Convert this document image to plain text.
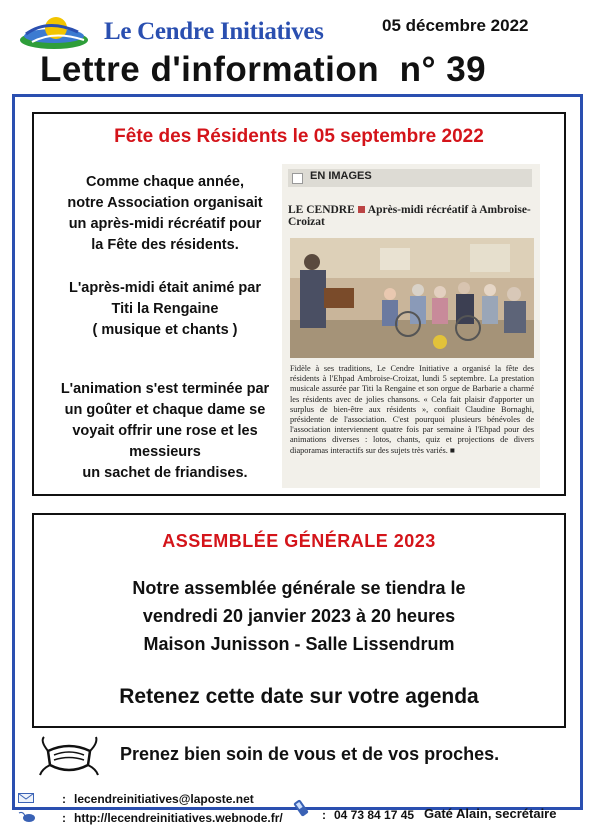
Le Cendre Initiatives	05 décembre 2022
Lettre d'information  n° 39
Fête des Résidents le 05 septembre 2022

Comme chaque année,

notre Association organisait

un après-midi récréatif pour

la Fête des résidents.

L'après-midi était animé par

Titi la Rengaine

( musique et chants )

L'animation s'est terminée par

un goûter et chaque dame se

voyait offrir une rose et les

messieurs

un sachet de friandises.

EN IMAGES
LE CENDRE Après-midi récréatif à Ambroise-Croizat
Fidèle à ses traditions, Le Cendre Initiative a organisé la fête des résidents à l'Ehpad Ambroise-Croizat, lundi 5 septembre. La prestation musicale assurée par Titi la Rengaine et son orgue de Barbarie a charmé les résidents avec de jolies chansons. « Cela fait plaisir d'apporter un surplus de bien-être aux résidents », confiait Claudine Bornaghi, présidente de l'association. C'est pourquoi plusieurs bénévoles de l'association interviennent quatre fois par semaine à l'Ehpad pour des animations diverses : lotos, chants, quiz et projections de divers diaporamas interactifs sur des sujets très variés. ■
ASSEMBLÉE GÉNÉRALE 2023
Notre assemblée générale se tiendra le
vendredi 20 janvier 2023 à 20 heures
Maison Junisson - Salle Lissendrum
Retenez cette date sur votre agenda
Prenez bien soin de vous et de vos proches.
: lecendreinitiatives@laposte.net
: http://lecendreinitiatives.webnode.fr/	: 04 73 84 17 45 Gaté Alain, secrétaire
